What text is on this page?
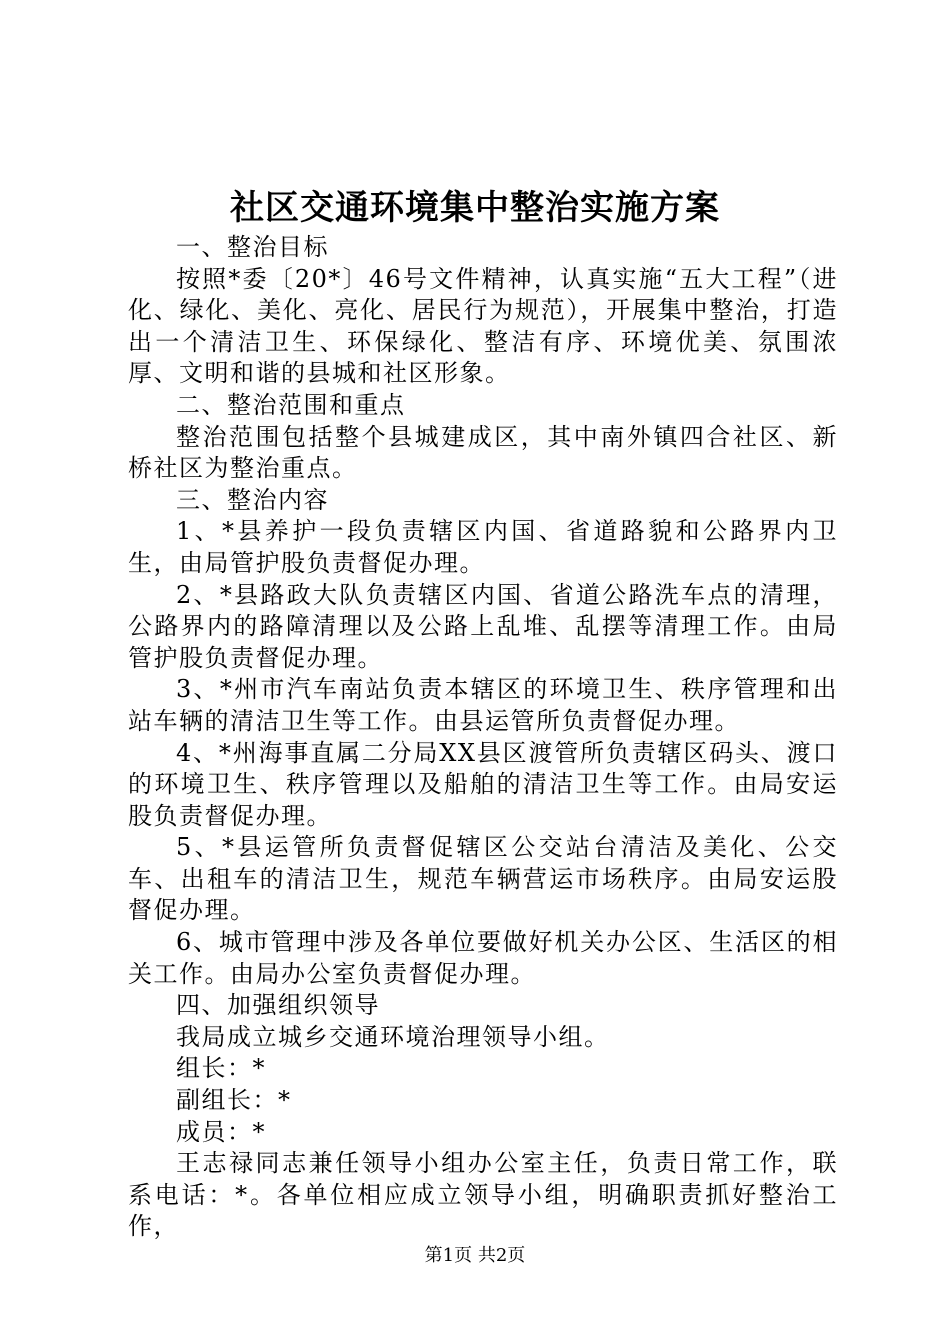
社区交通环境集中整治实施方案

一、整治目标

按照*委〔20*〕46号文件精神，认真实施“五大工程”（进化、绿化、美化、亮化、居民行为规范），开展集中整治，打造出一个清洁卫生、环保绿化、整洁有序、环境优美、氛围浓厚、文明和谐的县城和社区形象。

二、整治范围和重点

整治范围包括整个县城建成区，其中南外镇四合社区、新桥社区为整治重点。

三、整治内容

1、*县养护一段负责辖区内国、省道路貌和公路界内卫生，由局管护股负责督促办理。

2、*县路政大队负责辖区内国、省道公路洗车点的清理，公路界内的路障清理以及公路上乱堆、乱摆等清理工作。由局管护股负责督促办理。

3、*州市汽车南站负责本辖区的环境卫生、秩序管理和出站车辆的清洁卫生等工作。由县运管所负责督促办理。

4、*州海事直属二分局XX县区渡管所负责辖区码头、渡口的环境卫生、秩序管理以及船舶的清洁卫生等工作。由局安运股负责督促办理。

5、*县运管所负责督促辖区公交站台清洁及美化、公交车、出租车的清洁卫生，规范车辆营运市场秩序。由局安运股督促办理。

6、城市管理中涉及各单位要做好机关办公区、生活区的相关工作。由局办公室负责督促办理。

四、加强组织领导

我局成立城乡交通环境治理领导小组。

组长：*

副组长：*

成员：*

王志禄同志兼任领导小组办公室主任，负责日常工作，联系电话：*。各单位相应成立领导小组，明确职责抓好整治工作，

第1页 共2页
